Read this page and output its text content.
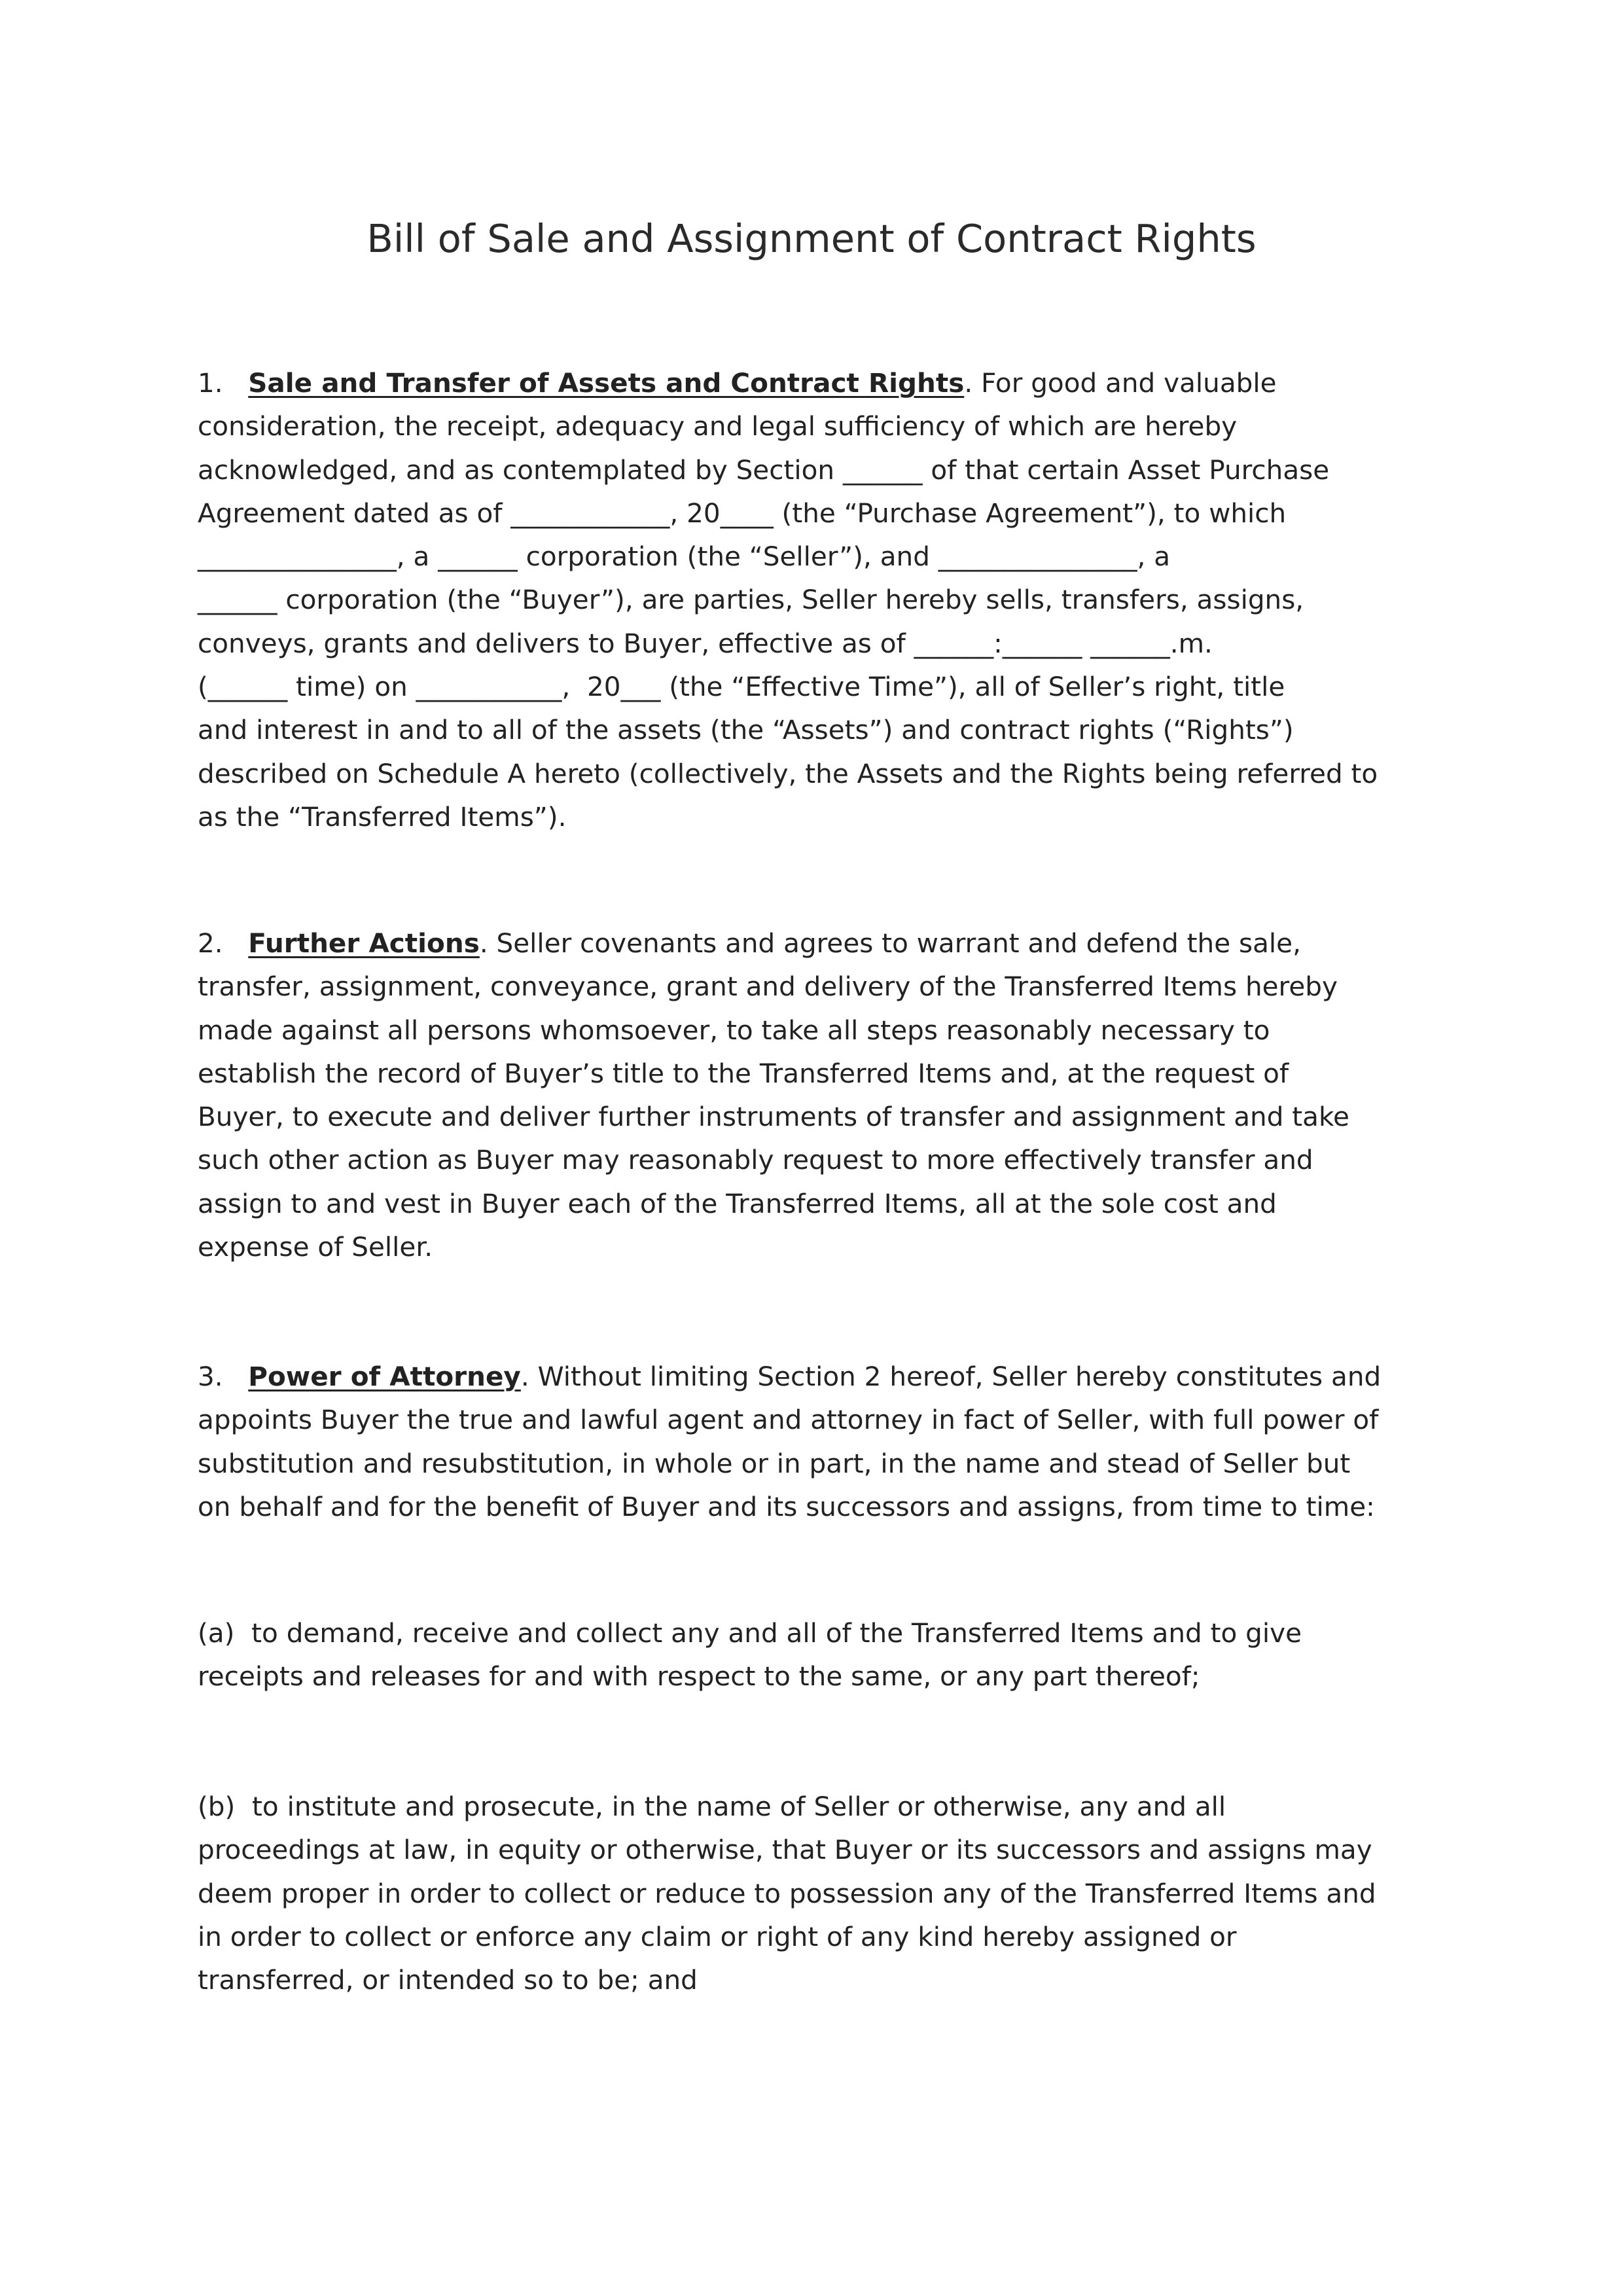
Bill of Sale and Assignment of Contract Rights

1.   Sale and Transfer of Assets and Contract Rights. For good and valuable
consideration, the receipt, adequacy and legal sufficiency of which are hereby
acknowledged, and as contemplated by Section ______ of that certain Asset Purchase
Agreement dated as of ____________, 20____ (the “Purchase Agreement”), to which
_______________, a ______ corporation (the “Seller”), and _______________, a
______ corporation (the “Buyer”), are parties, Seller hereby sells, transfers, assigns,
conveys, grants and delivers to Buyer, effective as of ______:______ ______.m.
(______ time) on ___________,  20___ (the “Effective Time”), all of Seller’s right, title
and interest in and to all of the assets (the “Assets”) and contract rights (“Rights”)
described on Schedule A hereto (collectively, the Assets and the Rights being referred to
as the “Transferred Items”).

2.   Further Actions. Seller covenants and agrees to warrant and defend the sale,
transfer, assignment, conveyance, grant and delivery of the Transferred Items hereby
made against all persons whomsoever, to take all steps reasonably necessary to
establish the record of Buyer’s title to the Transferred Items and, at the request of
Buyer, to execute and deliver further instruments of transfer and assignment and take
such other action as Buyer may reasonably request to more effectively transfer and
assign to and vest in Buyer each of the Transferred Items, all at the sole cost and
expense of Seller.

3.   Power of Attorney. Without limiting Section 2 hereof, Seller hereby constitutes and
appoints Buyer the true and lawful agent and attorney in fact of Seller, with full power of
substitution and resubstitution, in whole or in part, in the name and stead of Seller but
on behalf and for the benefit of Buyer and its successors and assigns, from time to time:

(a)  to demand, receive and collect any and all of the Transferred Items and to give
receipts and releases for and with respect to the same, or any part thereof;

(b)  to institute and prosecute, in the name of Seller or otherwise, any and all
proceedings at law, in equity or otherwise, that Buyer or its successors and assigns may
deem proper in order to collect or reduce to possession any of the Transferred Items and
in order to collect or enforce any claim or right of any kind hereby assigned or
transferred, or intended so to be; and
